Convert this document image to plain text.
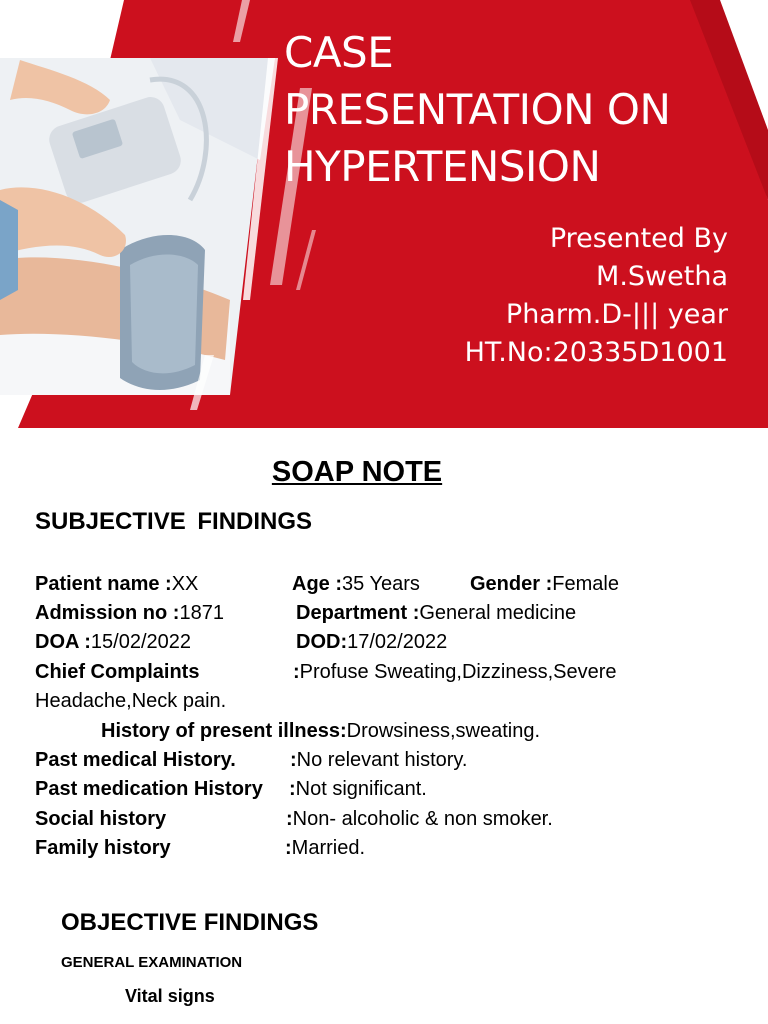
CASE
PRESENTATION ON
HYPERTENSION
Presented By
M.Swetha
Pharm.D-||| year
HT.No:20335D1001
SOAP NOTE
SUBJECTIVE FINDINGS
Patient name :XX	Age :35 Years	Gender :Female
Admission no :1871	Department :General medicine
DOA :15/02/2022	DOD:17/02/2022
Chief Complaints	:Profuse Sweating,Dizziness,Severe
Headache,Neck pain.
History of present illness:Drowsiness,sweating.
Past medical History.	:No relevant history.
Past medication History :Not significant.
Social history	:Non- alcoholic & non smoker.
Family history	:Married.
OBJECTIVE FINDINGS
GENERAL EXAMINATION
Vital signs
